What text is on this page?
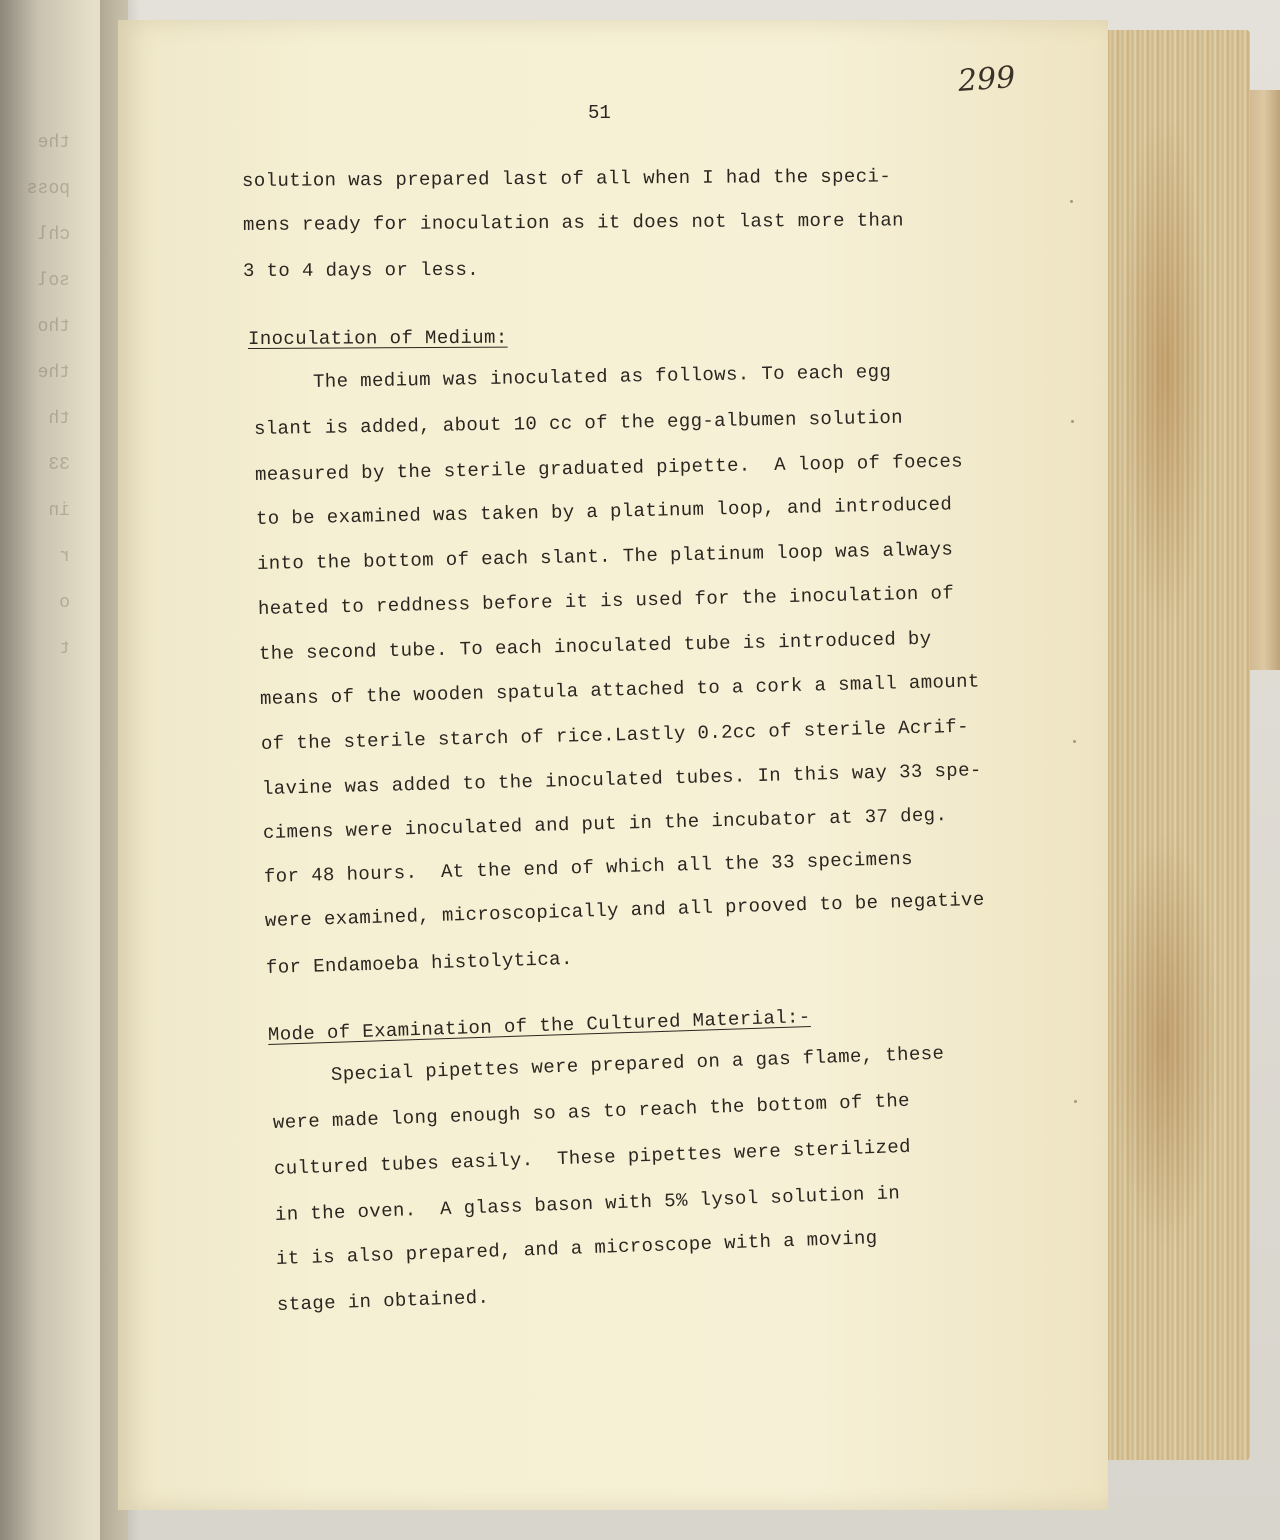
the
poss
chl
sol
tho
the
th
33
in
r
o
t
299
51
solution was prepared last of all when I had the speci-
mens ready for inoculation as it does not last more than
3 to 4 days or less.
Inoculation of Medium:
The medium was inoculated as follows. To each egg
slant is added, about 10 cc of the egg-albumen solution
measured by the sterile graduated pipette.  A loop of foeces
to be examined was taken by a platinum loop, and introduced
into the bottom of each slant. The platinum loop was always
heated to reddness before it is used for the inoculation of
the second tube. To each inoculated tube is introduced by
means of the wooden spatula attached to a cork a small amount
of the sterile starch of rice.Lastly 0.2cc of sterile Acrif-
lavine was added to the inoculated tubes. In this way 33 spe-
cimens were inoculated and put in the incubator at 37 deg.
for 48 hours.  At the end of which all the 33 specimens
were examined, microscopically and all prooved to be negative
for Endamoeba histolytica.
Mode of Examination of the Cultured Material:-
Special pipettes were prepared on a gas flame, these
were made long enough so as to reach the bottom of the
cultured tubes easily.  These pipettes were sterilized
in the oven.  A glass bason with 5% lysol solution in
it is also prepared, and a microscope with a moving
stage in obtained.
